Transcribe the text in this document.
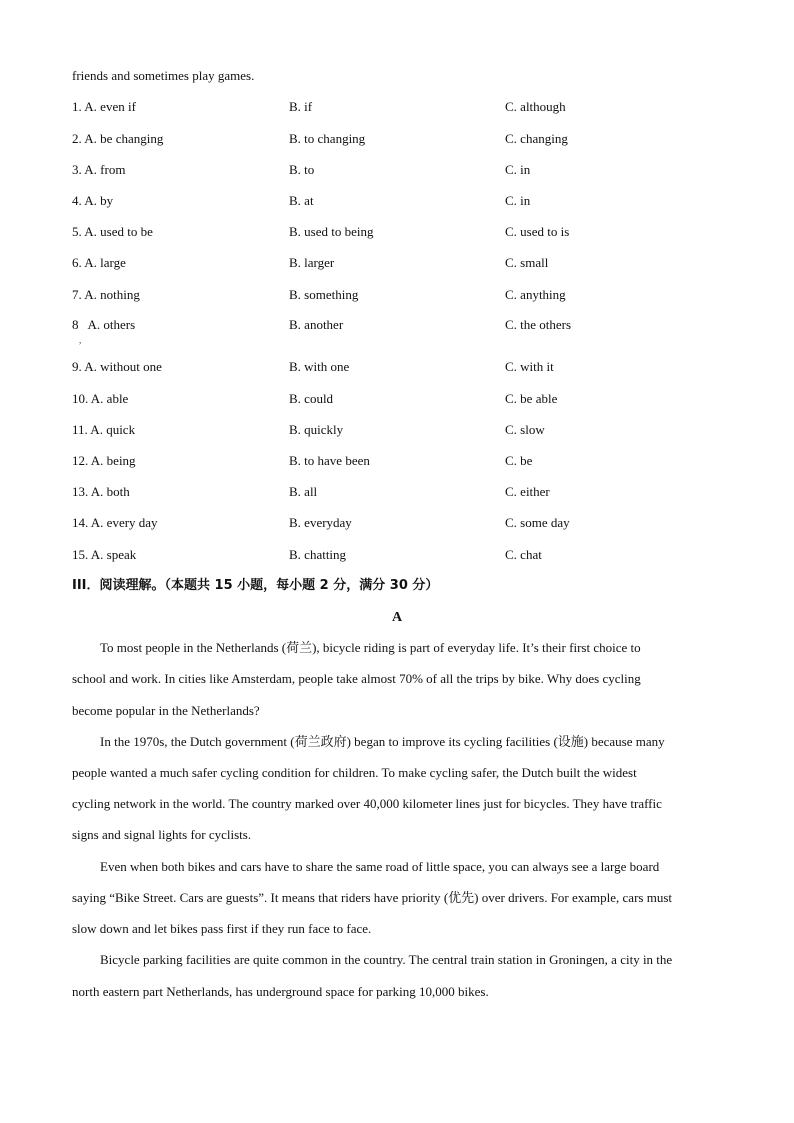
friends and sometimes play games.
1. A. even if	B. if	C. although
2. A. be changing	B. to changing	C. changing
3. A. from	B. to	C. in
4. A. by	B. at	C. in
5. A. used to be	B. used to being	C. used to is
6. A. large	B. larger	C. small
7. A. nothing	B. something	C. anything
8   A. others	B. another	C. the others
,
9. A. without one	B. with one	C. with it
10. A. able	B. could	C. be able
11. A. quick	B. quickly	C. slow
12. A. being	B. to have been	C. be
13. A. both	B. all	C. either
14. A. every day	B. everyday	C. some day
15. A. speak	B. chatting	C. chat
III．阅读理解。（本题共 15 小题，每小题 2 分，满分 30 分）
A
To most people in the Netherlands (荷兰), bicycle riding is part of everyday life. It’s their first choice to
school and work. In cities like Amsterdam, people take almost 70% of all the trips by bike. Why does cycling
become popular in the Netherlands?
In the 1970s, the Dutch government (荷兰政府) began to improve its cycling facilities (设施) because many
people wanted a much safer cycling condition for children. To make cycling safer, the Dutch built the widest
cycling network in the world. The country marked over 40,000 kilometer lines just for bicycles. They have traffic
signs and signal lights for cyclists.
Even when both bikes and cars have to share the same road of little space, you can always see a large board
saying “Bike Street. Cars are guests”. It means that riders have priority (优先) over drivers. For example, cars must
slow down and let bikes pass first if they run face to face.
Bicycle parking facilities are quite common in the country. The central train station in Groningen, a city in the
north eastern part Netherlands, has underground space for parking 10,000 bikes.
